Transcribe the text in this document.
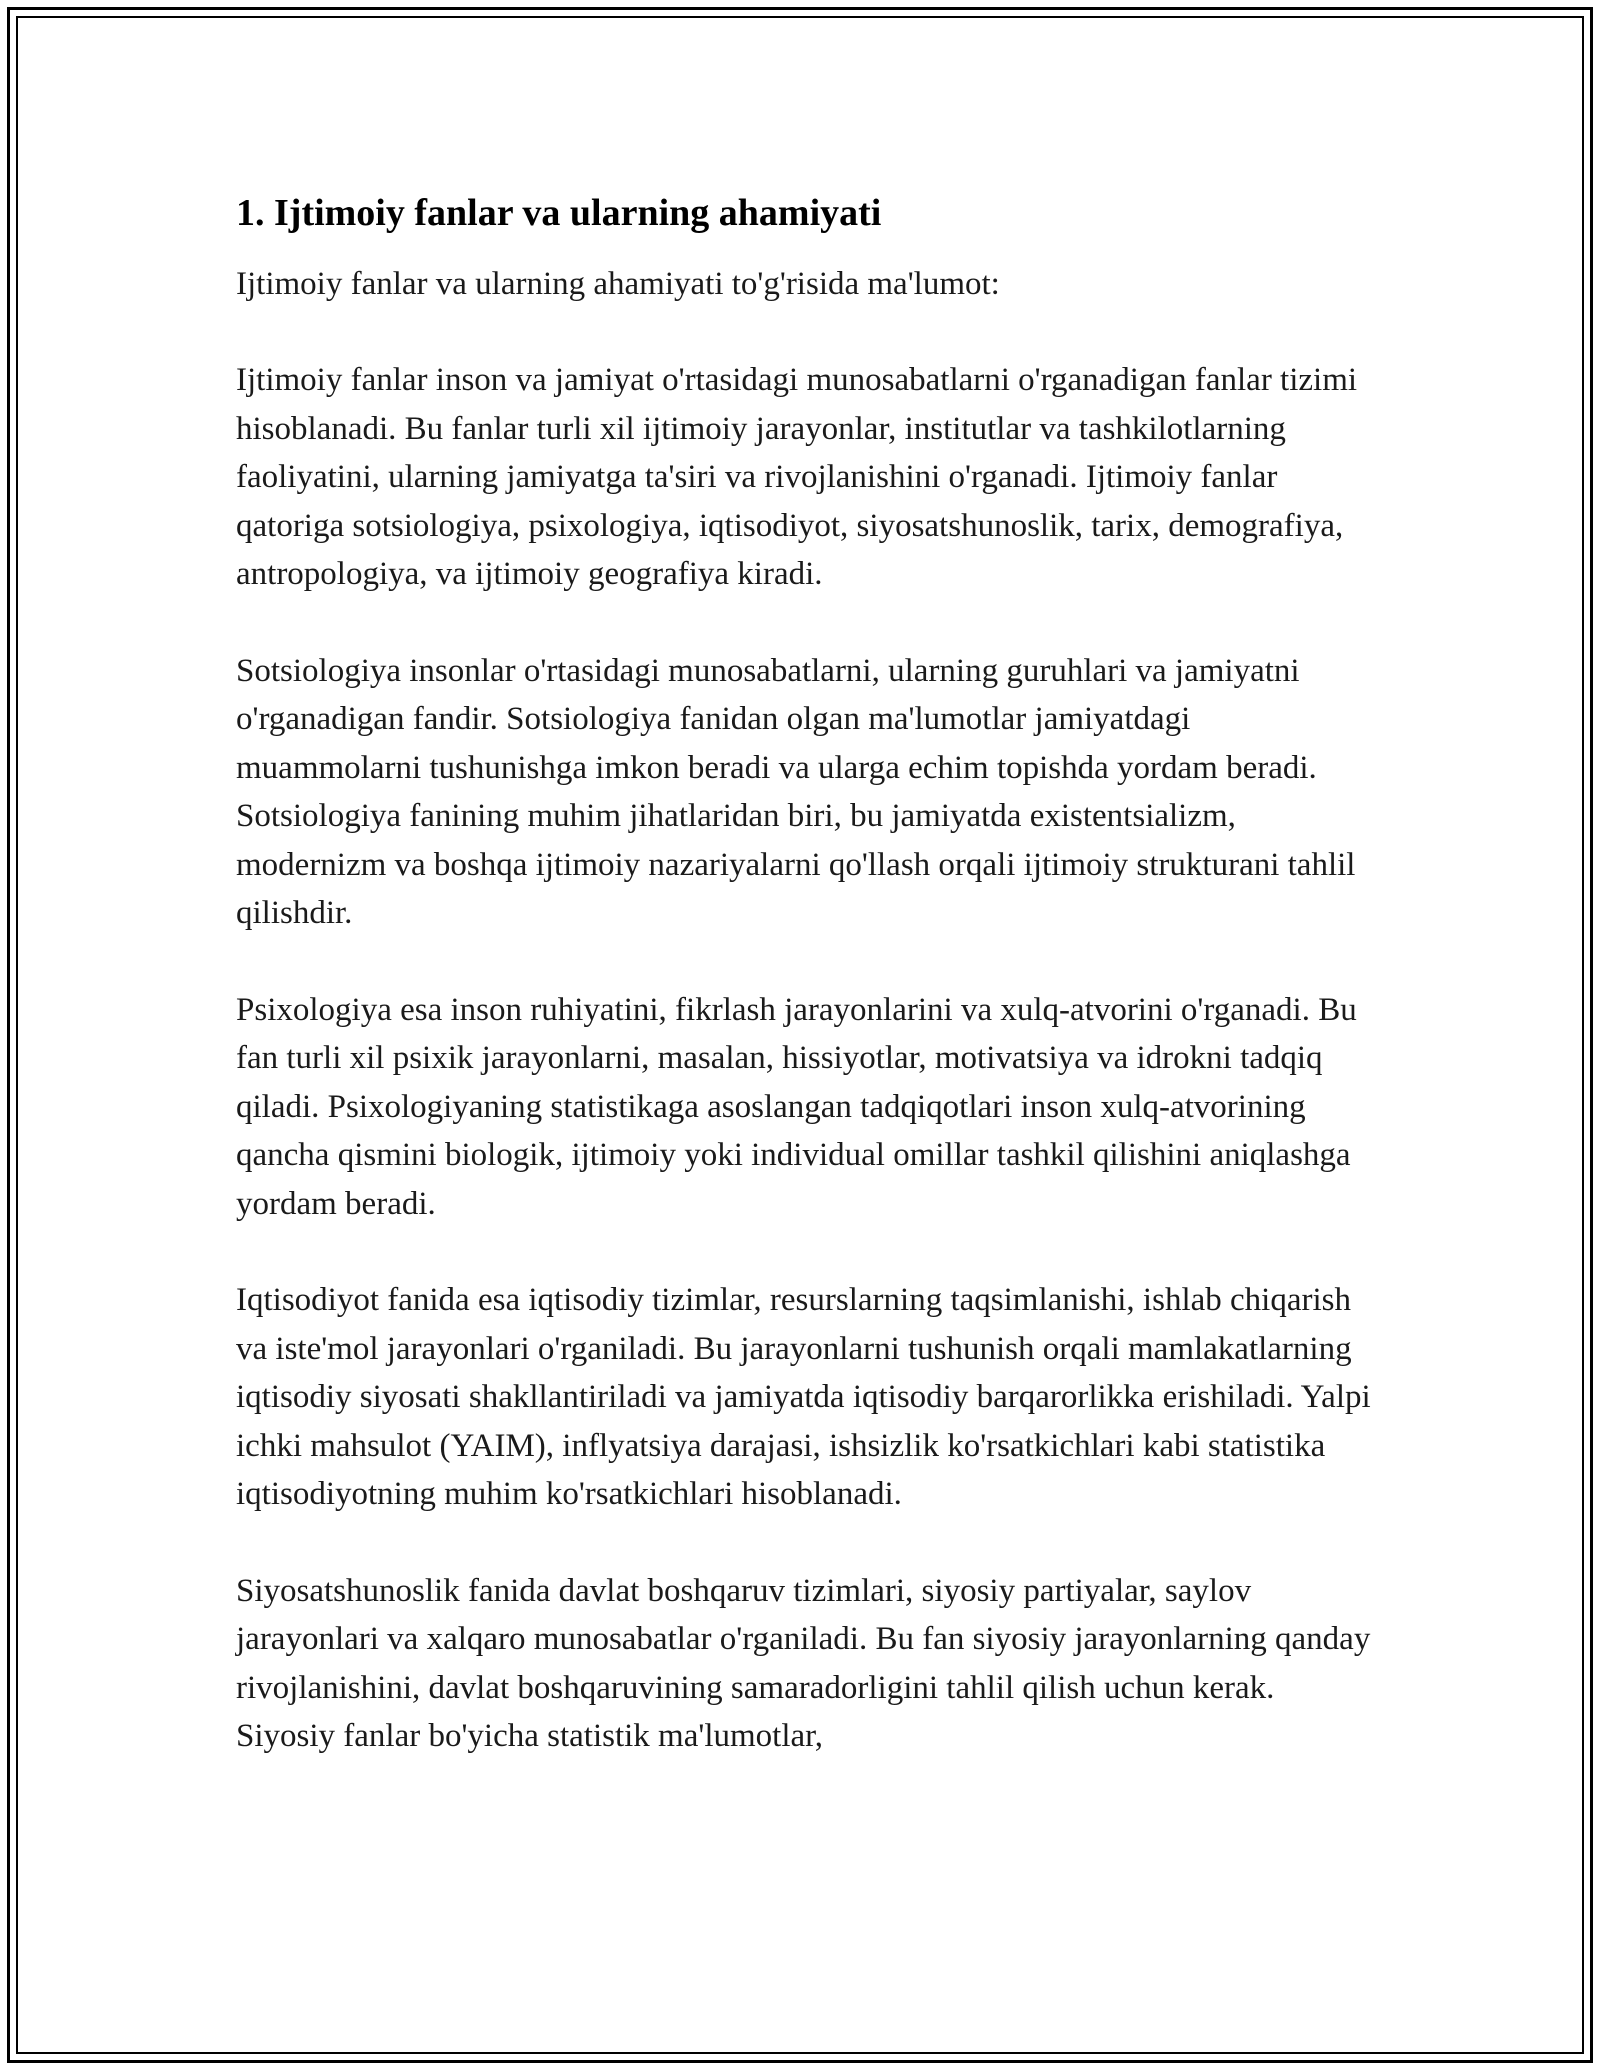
1. Ijtimoiy fanlar va ularning ahamiyati

Ijtimoiy fanlar va ularning ahamiyati to'g'risida ma'lumot:

Ijtimoiy fanlar inson va jamiyat o'rtasidagi munosabatlarni o'rganadigan fanlar tizimi hisoblanadi. Bu fanlar turli xil ijtimoiy jarayonlar, institutlar va tashkilotlarning faoliyatini, ularning jamiyatga ta'siri va rivojlanishini o'rganadi. Ijtimoiy fanlar qatoriga sotsiologiya, psixologiya, iqtisodiyot, siyosatshunoslik, tarix, demografiya, antropologiya, va ijtimoiy geografiya kiradi.

Sotsiologiya insonlar o'rtasidagi munosabatlarni, ularning guruhlari va jamiyatni o'rganadigan fandir. Sotsiologiya fanidan olgan ma'lumotlar jamiyatdagi muammolarni tushunishga imkon beradi va ularga echim topishda yordam beradi. Sotsiologiya fanining muhim jihatlaridan biri, bu jamiyatda existentsializm, modernizm va boshqa ijtimoiy nazariyalarni qo'llash orqali ijtimoiy strukturani tahlil qilishdir.

Psixologiya esa inson ruhiyatini, fikrlash jarayonlarini va xulq-atvorini o'rganadi. Bu fan turli xil psixik jarayonlarni, masalan, hissiyotlar, motivatsiya va idrokni tadqiq qiladi. Psixologiyaning statistikaga asoslangan tadqiqotlari inson xulq-atvorining qancha qismini biologik, ijtimoiy yoki individual omillar tashkil qilishini aniqlashga yordam beradi.

Iqtisodiyot fanida esa iqtisodiy tizimlar, resurslarning taqsimlanishi, ishlab chiqarish va iste'mol jarayonlari o'rganiladi. Bu jarayonlarni tushunish orqali mamlakatlarning iqtisodiy siyosati shakllantiriladi va jamiyatda iqtisodiy barqarorlikka erishiladi. Yalpi ichki mahsulot (YAIM), inflyatsiya darajasi, ishsizlik ko'rsatkichlari kabi statistika iqtisodiyotning muhim ko'rsatkichlari hisoblanadi.

Siyosatshunoslik fanida davlat boshqaruv tizimlari, siyosiy partiyalar, saylov jarayonlari va xalqaro munosabatlar o'rganiladi. Bu fan siyosiy jarayonlarning qanday rivojlanishini, davlat boshqaruvining samaradorligini tahlil qilish uchun kerak. Siyosiy fanlar bo'yicha statistik ma'lumotlar,
